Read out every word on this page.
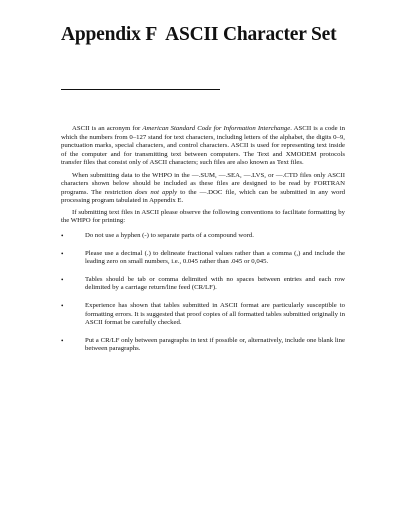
Appendix F ASCII Character Set

ASCII is an acronym for American Standard Code for Information Interchange. ASCII is a code in which the numbers from 0–127 stand for text characters, including letters of the alphabet, the digits 0–9, punctuation marks, special characters, and control characters. ASCII is used for representing text inside of the computer and for transmitting text between computers. The Text and XMODEM protocols transfer files that consist only of ASCII characters; such files are also known as Text files.

When submitting data to the WHPO in the —.SUM, —.SEA, —.LVS, or —.CTD files only ASCII characters shown below should be included as these files are designed to be read by FORTRAN programs. The restriction does not apply to the —.DOC file, which can be submitted in any word processing program tabulated in Appendix E.

If submitting text files in ASCII please observe the following conventions to facilitate formatting by the WHPO for printing:

•	Do not use a hyphen (-) to separate parts of a compound word.
•	Please use a decimal (.) to delineate fractional values rather than a comma (,) and include the leading zero on small numbers, i.e., 0.045 rather than .045 or 0,045.
•	Tables should be tab or comma delimited with no spaces between entries and each row delimited by a carriage return/line feed (CR/LF).
•	Experience has shown that tables submitted in ASCII format are particularly susceptible to formatting errors. It is suggested that proof copies of all formatted tables submitted originally in ASCII format be carefully checked.
•	Put a CR/LF only between paragraphs in text if possible or, alternatively, include one blank line between paragraphs.
